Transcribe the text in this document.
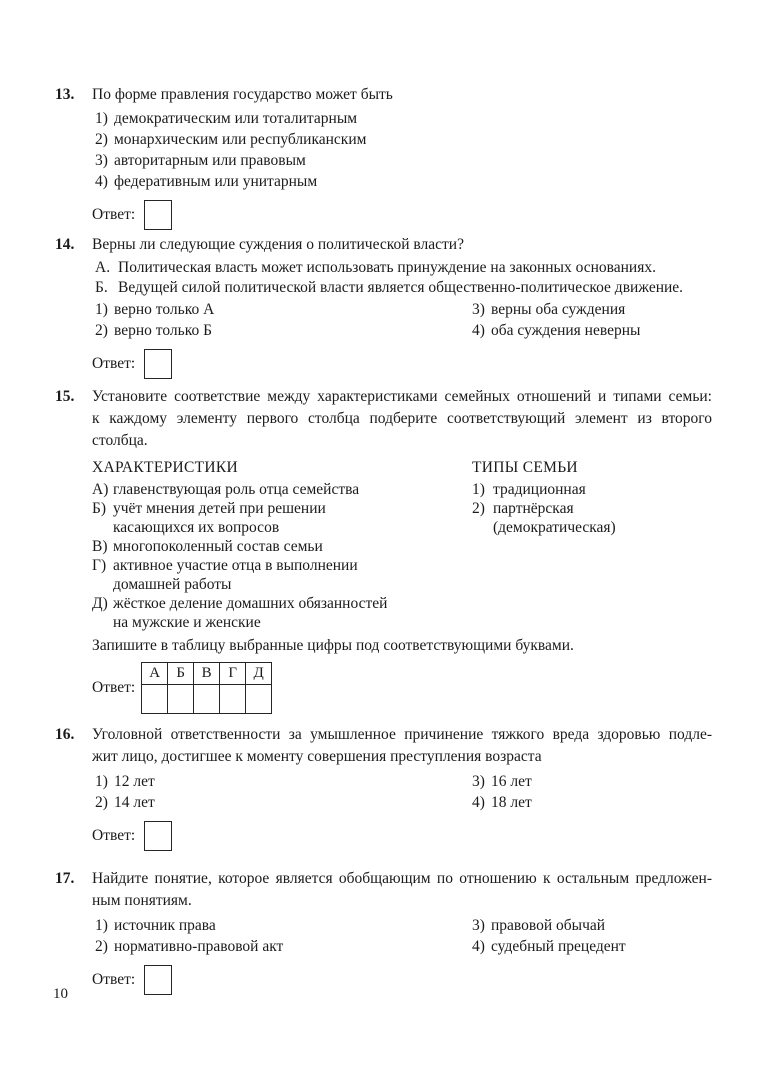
13.	По форме правления государство может быть
1) демократическим или тоталитарным
2) монархическим или республиканским
3) авторитарным или правовым
4) федеративным или унитарным
Ответ:
14.	Верны ли следующие суждения о политической власти?
А. Политическая власть может использовать принуждение на законных основаниях.
Б. Ведущей силой политической власти является общественно-политическое движение.
1) верно только А	3) верны оба суждения
2) верно только Б	4) оба суждения неверны
Ответ:
15.	Установите соответствие между характеристиками семейных отношений и типами семьи:
к каждому элементу первого столбца подберите соответствующий элемент из второго
столбца.
ХАРАКТЕРИСТИКИ
А) главенствующая роль отца семейства
Б) учёт мнения детей при решении
касающихся их вопросов
В) многопоколенный состав семьи
Г) активное участие отца в выполнении
домашней работы
Д) жёсткое деление домашних обязанностей
на мужские и женские
ТИПЫ СЕМЬИ
1) традиционная
2) партнёрская
(демократическая)
Запишите в таблицу выбранные цифры под соответствующими буквами.
Ответ:
А	Б	В	Г	Д

16.	Уголовной ответственности за умышленное причинение тяжкого вреда здоровью подле-
жит лицо, достигшее к моменту совершения преступления возраста
1) 12 лет	3) 16 лет
2) 14 лет	4) 18 лет
Ответ:
17.	Найдите понятие, которое является обобщающим по отношению к остальным предложен-
ным понятиям.
1) источник права	3) правовой обычай
2) нормативно-правовой акт	4) судебный прецедент
Ответ:
10
